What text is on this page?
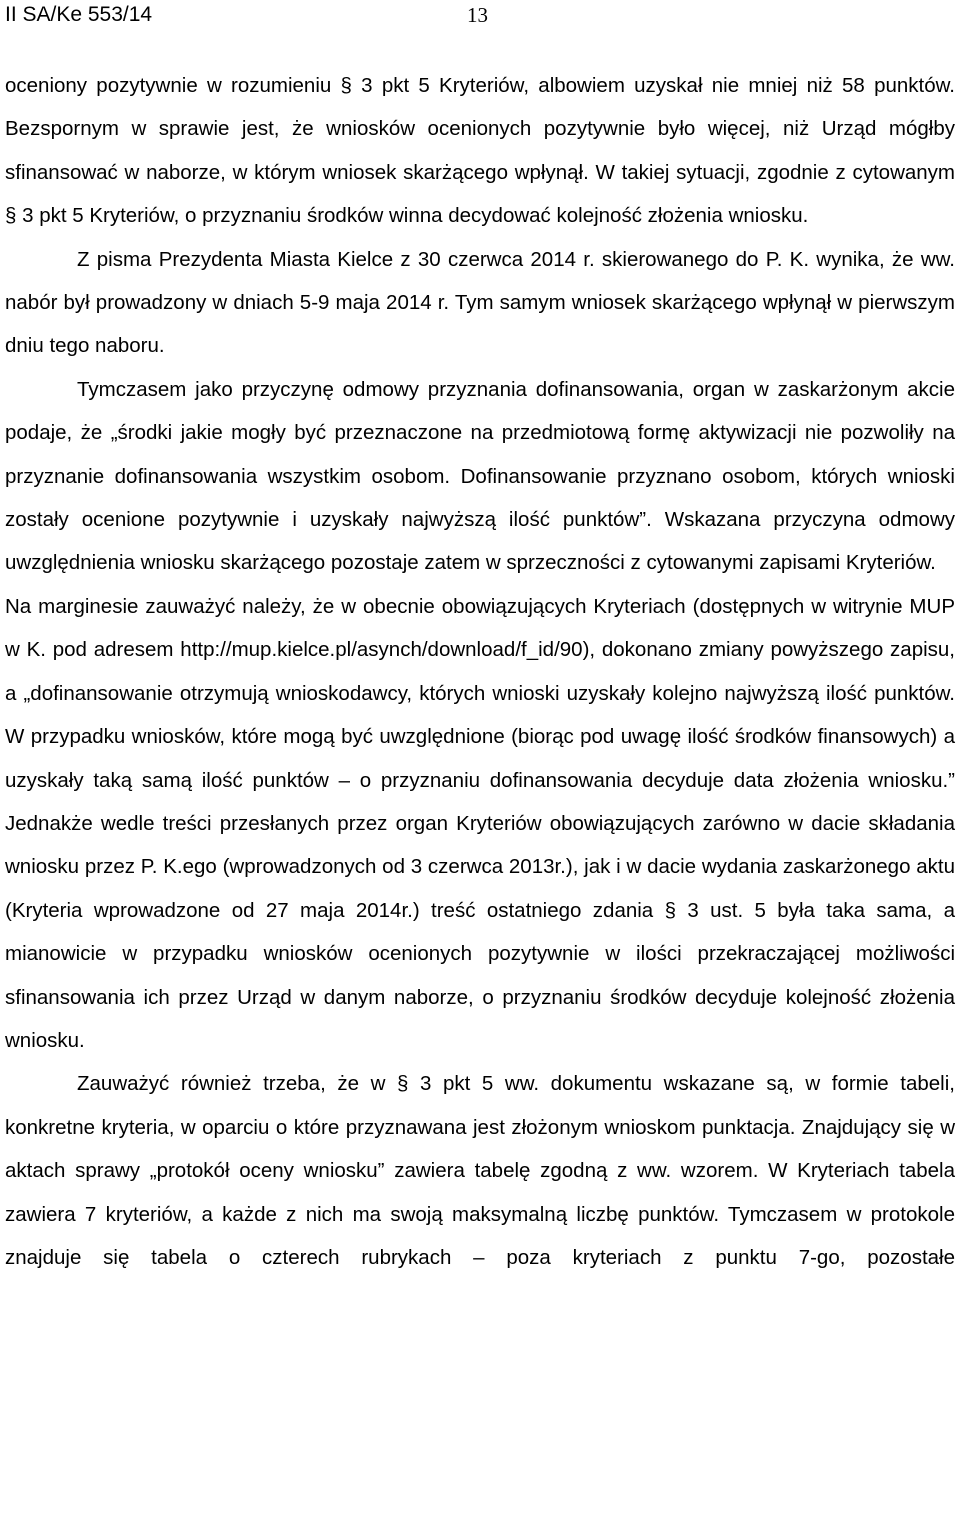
II SA/Ke 553/14	13

oceniony pozytywnie w rozumieniu § 3 pkt 5 Kryteriów, albowiem uzyskał nie mniej niż 58 punktów. Bezspornym w sprawie jest, że wniosków ocenionych pozytywnie było więcej, niż Urząd mógłby sfinansować w naborze, w którym wniosek skarżącego wpłynął. W takiej sytuacji, zgodnie z cytowanym § 3 pkt 5 Kryteriów, o przyznaniu środków winna decydować kolejność złożenia wniosku.

Z pisma Prezydenta Miasta Kielce z 30 czerwca 2014 r. skierowanego do P. K. wynika, że ww. nabór był prowadzony w dniach 5-9 maja 2014 r. Tym samym wniosek skarżącego wpłynął w pierwszym dniu tego naboru.

Tymczasem jako przyczynę odmowy przyznania dofinansowania, organ w zaskarżonym akcie podaje, że „środki jakie mogły być przeznaczone na przedmiotową formę aktywizacji nie pozwoliły na przyznanie dofinansowania wszystkim osobom. Dofinansowanie przyznano osobom, których wnioski zostały ocenione pozytywnie i uzyskały najwyższą ilość punktów”. Wskazana przyczyna odmowy uwzględnienia wniosku skarżącego pozostaje zatem w sprzeczności z cytowanymi zapisami Kryteriów.

Na marginesie zauważyć należy, że w obecnie obowiązujących Kryteriach (dostępnych w witrynie MUP w K. pod adresem http://mup.kielce.pl/asynch/download/f_id/90), dokonano zmiany powyższego zapisu, a „dofinansowanie otrzymują wnioskodawcy, których wnioski uzyskały kolejno najwyższą ilość punktów. W przypadku wniosków, które mogą być uwzględnione (biorąc pod uwagę ilość środków finansowych) a uzyskały taką samą ilość punktów – o przyznaniu dofinansowania decyduje data złożenia wniosku.” Jednakże wedle treści przesłanych przez organ Kryteriów obowiązujących zarówno w dacie składania wniosku przez P. K.ego (wprowadzonych od 3 czerwca 2013r.), jak i w dacie wydania zaskarżonego aktu (Kryteria wprowadzone od 27 maja 2014r.) treść ostatniego zdania § 3 ust. 5 była taka sama, a mianowicie w przypadku wniosków ocenionych pozytywnie w ilości przekraczającej możliwości sfinansowania ich przez Urząd w danym naborze, o przyznaniu środków decyduje kolejność złożenia wniosku.

Zauważyć również trzeba, że w § 3 pkt 5 ww. dokumentu wskazane są, w formie tabeli, konkretne kryteria, w oparciu o które przyznawana jest złożonym wnioskom punktacja. Znajdujący się w aktach sprawy „protokół oceny wniosku” zawiera tabelę zgodną z ww. wzorem. W Kryteriach tabela zawiera 7 kryteriów, a każde z nich ma swoją maksymalną liczbę punktów. Tymczasem w protokole znajduje się tabela o czterech rubrykach – poza kryteriach z punktu 7-go, pozostałe
